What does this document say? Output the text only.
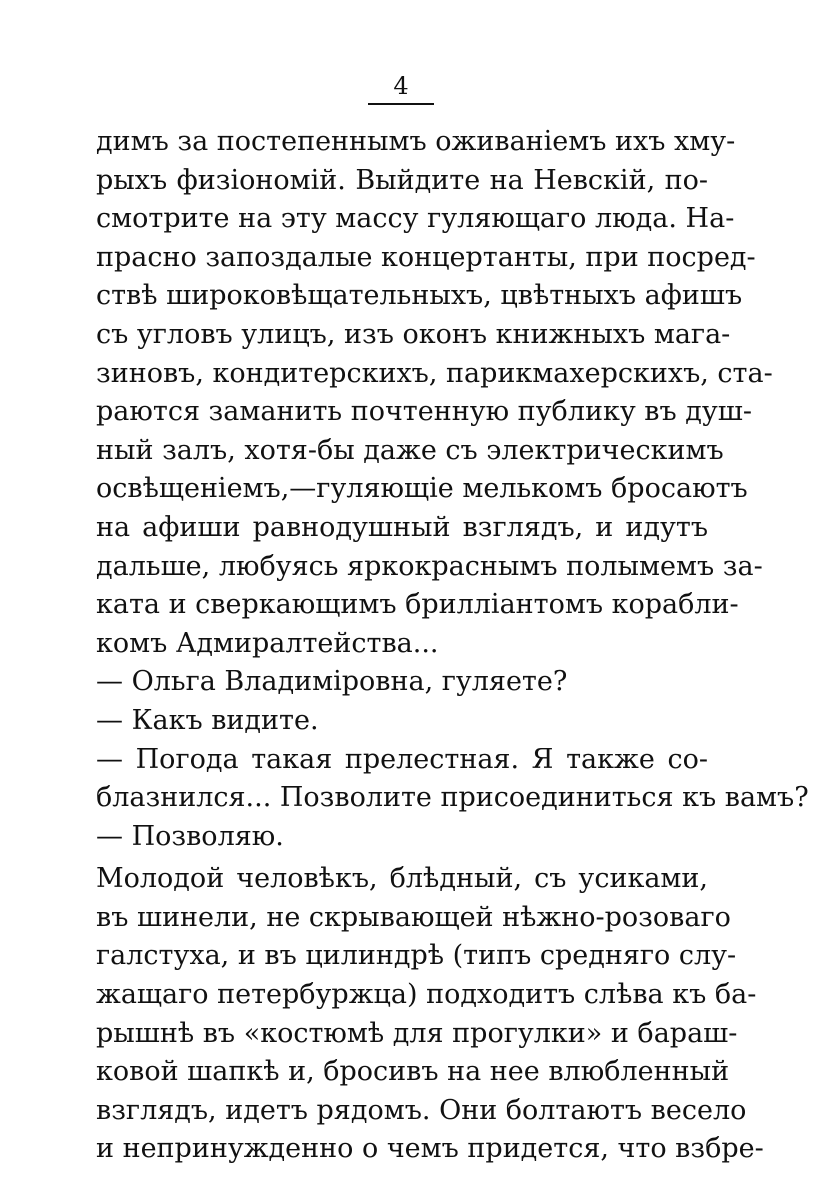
4
димъ за постепеннымъ оживаніемъ ихъ хму-
рыхъ физіономій. Выйдите на Невскій, по-
смотрите на эту массу гуляющаго люда. На-
прасно запоздалые концертанты, при посред-
ствѣ широковѣщательныхъ, цвѣтныхъ афишъ
съ угловъ улицъ, изъ оконъ книжныхъ мага-
зиновъ, кондитерскихъ, парикмахерскихъ, ста-
раются заманить почтенную публику въ душ-
ный залъ, хотя-бы даже съ электрическимъ
освѣщеніемъ,—гуляющіе мелькомъ бросаютъ
на афиши равнодушный взглядъ, и идутъ
дальше, любуясь яркокраснымъ полымемъ за-
ката и сверкающимъ брилліантомъ корабли-
комъ Адмиралтейства...
— Ольга Владиміровна, гуляете?
— Какъ видите.
— Погода такая прелестная. Я также со-
блазнился... Позволите присоединиться къ вамъ?
— Позволяю.
Молодой человѣкъ, блѣдный, съ усиками,
въ шинели, не скрывающей нѣжно-розоваго
галстуха, и въ цилиндрѣ (типъ средняго слу-
жащаго петербуржца) подходитъ слѣва къ ба-
рышнѣ въ «костюмѣ для прогулки» и бараш-
ковой шапкѣ и, бросивъ на нее влюбленный
взглядъ, идетъ рядомъ. Они болтаютъ весело
и непринужденно о чемъ придется, что взбре-
